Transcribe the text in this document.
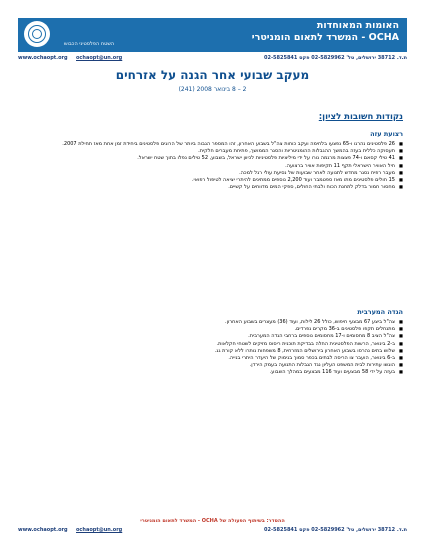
האומות המאוחדות
OCHA - המשרד לתאום הומניטרי
השטח הפלסטיני הכבוש
www.ochaopt.org ochaopt@un.org	ת.ד. 38712 ירושלים, טל' 02-5829962 פקס 02-5825841
מעקב שבועי אחר הגנה על אזרחים
2 – 8 בינואר 2008 (241)
נקודות חשובות לציון:
רצועת עזה
■ 26 פלסטינים נהרגו ו-65 נפצעו בלחימה ועקב כוחות צה"ל בשבוע האחרון, זהו המספר הגבוה ביותר של הרוגים פלסטינים ביחידת זמן אחת מאז תחילת 2007.
■ תעסוקה כללית בעזה בהמשך ההגבלות ההומניטריות והסגר הממושך, פתיחת מעברים חלקית.
■ 41 טילי קסאם ו-74 פצצות מרגמה נורו על ידי מיליציות פלסטיניות לכיוון ישראל, בשבוע, 52 טילים נפלו בתוך שטח ישראל.
■ חיל האוויר הישראלי תקף 11 תקיפות אוויר ברצועה.
■ מעבר רפיח נסגר מחדש לתנועה לאחר שבועות של נסיעת עולי רגל למכה.
■ 15 חולים פלסטינים מתו מאז ספטמבר ועוד 2,200 נוספים ממתינים להיתרי יציאה לטיפול רפואי.
■ מחסור חמור בדלק לתחנת הכוח ולבתי החולים, ספקי המים מדווחים על קשיים.
הגדה המערבית
■ צה"ל ביצע 67 מבצעי חיפוש, כולל 26 לילות, ועוד (36) מעצרים בשבוע האחרון.
■ מתנחלים תקפו פלסטינים ב-36 מקרים נפרדים.
■ צה"ל הציב 8 מחסומים ו-17 מחסומים נוספים ברחבי הגדה המערבית.
■ ב-2 בינואר, הרשות הפלסטינית החלה בבדיקת תוכנית ריסוס מזיקים לשטחי חקלאות.
■ שלוש בתים נהרסו בשבוע האחרון בירושלים המזרחית, 8 משפחות נותרו ללא קורת גג.
■ ב-6 בינואר, הועבר צו הריסה לבתים בכפר סמוך בנימוק של היעדר היתרי בנייה.
■ הוגשו עתירות לבית המשפט העליון נגד הגבלות התנועה בעמק הירדן.
■ בעזה על ידי 58 מבצעים ועוד 116 מבצעים במהלך השבוע.
ההסדר: בשיתוף הפעולה של OCHA - המשרד לתאום הומניטרי
www.ochaopt.org ochaopt@un.org	ת.ד. 38712 ירושלים, טל' 02-5829962 פקס 02-5825841
